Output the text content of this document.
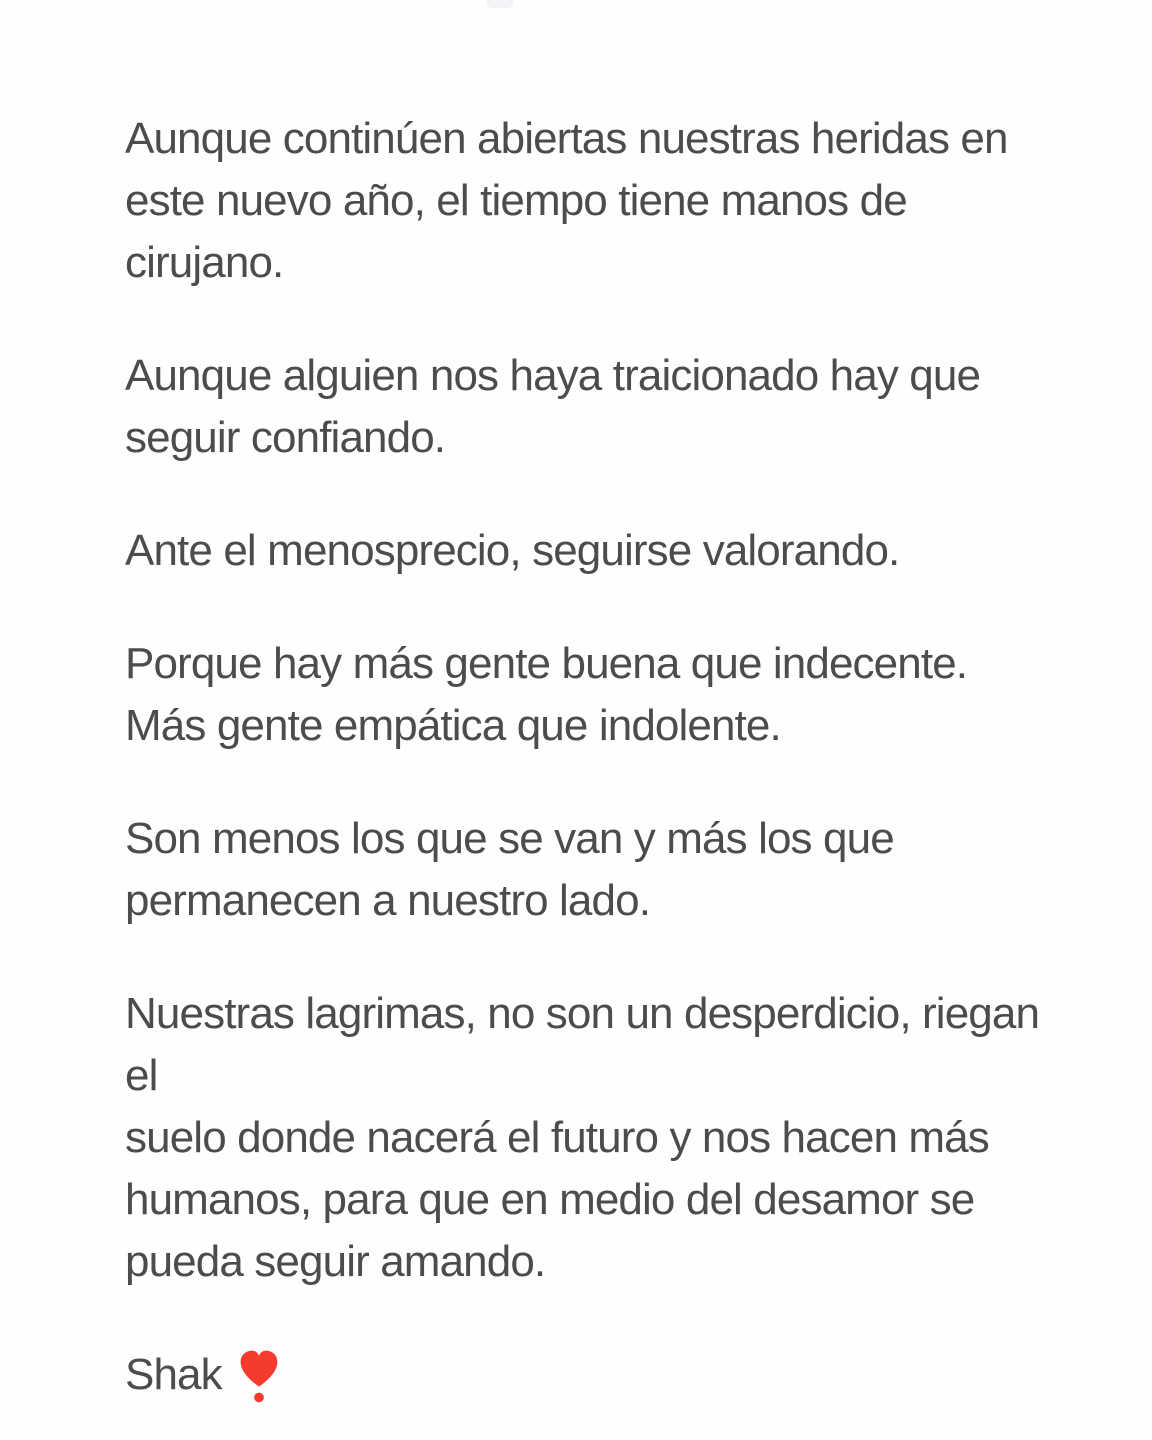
Aunque continúen abiertas nuestras heridas en
este nuevo año, el tiempo tiene manos de cirujano.

Aunque alguien nos haya traicionado hay que
seguir confiando.

Ante el menosprecio, seguirse valorando.

Porque hay más gente buena que indecente.
Más gente empática que indolente.

Son menos los que se van y más los que
permanecen a nuestro lado.

Nuestras lagrimas, no son un desperdicio, riegan el
suelo donde nacerá el futuro y nos hacen más
humanos, para que en medio del desamor se
pueda seguir amando.

Shak
